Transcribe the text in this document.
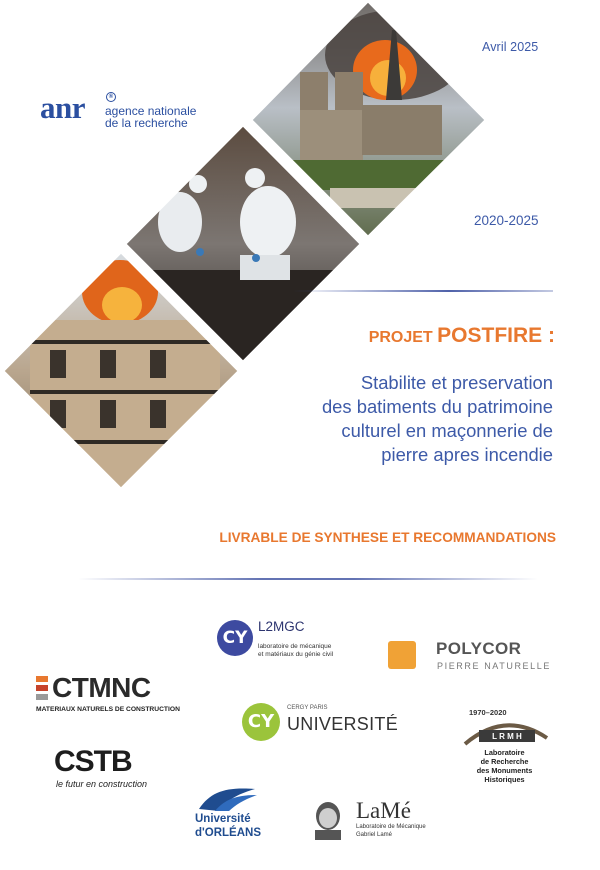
Avril 2025
anr	®
agence nationale
de la recherche
2020-2025
PROJET POSTFIRE :
Stabilite et preservation
des batiments du patrimoine
culturel en maçonnerie de
pierre apres incendie
LIVRABLE DE SYNTHESE ET RECOMMANDATIONS
CY
L2MGC
laboratoire de mécanique
et matériaux du génie civil	POLYCOR
PIERRE NATURELLE
CTMNC
MATERIAUX NATURELS DE CONSTRUCTION
CY
CERGY PARIS
UNIVERSITÉ
L R M H
1970–2020
Laboratoire
de Recherche
des Monuments
Historiques
CSTB
le futur en construction
Université
d'ORLÉANS
LaMé
Laboratoire de Mécanique
Gabriel Lamé
